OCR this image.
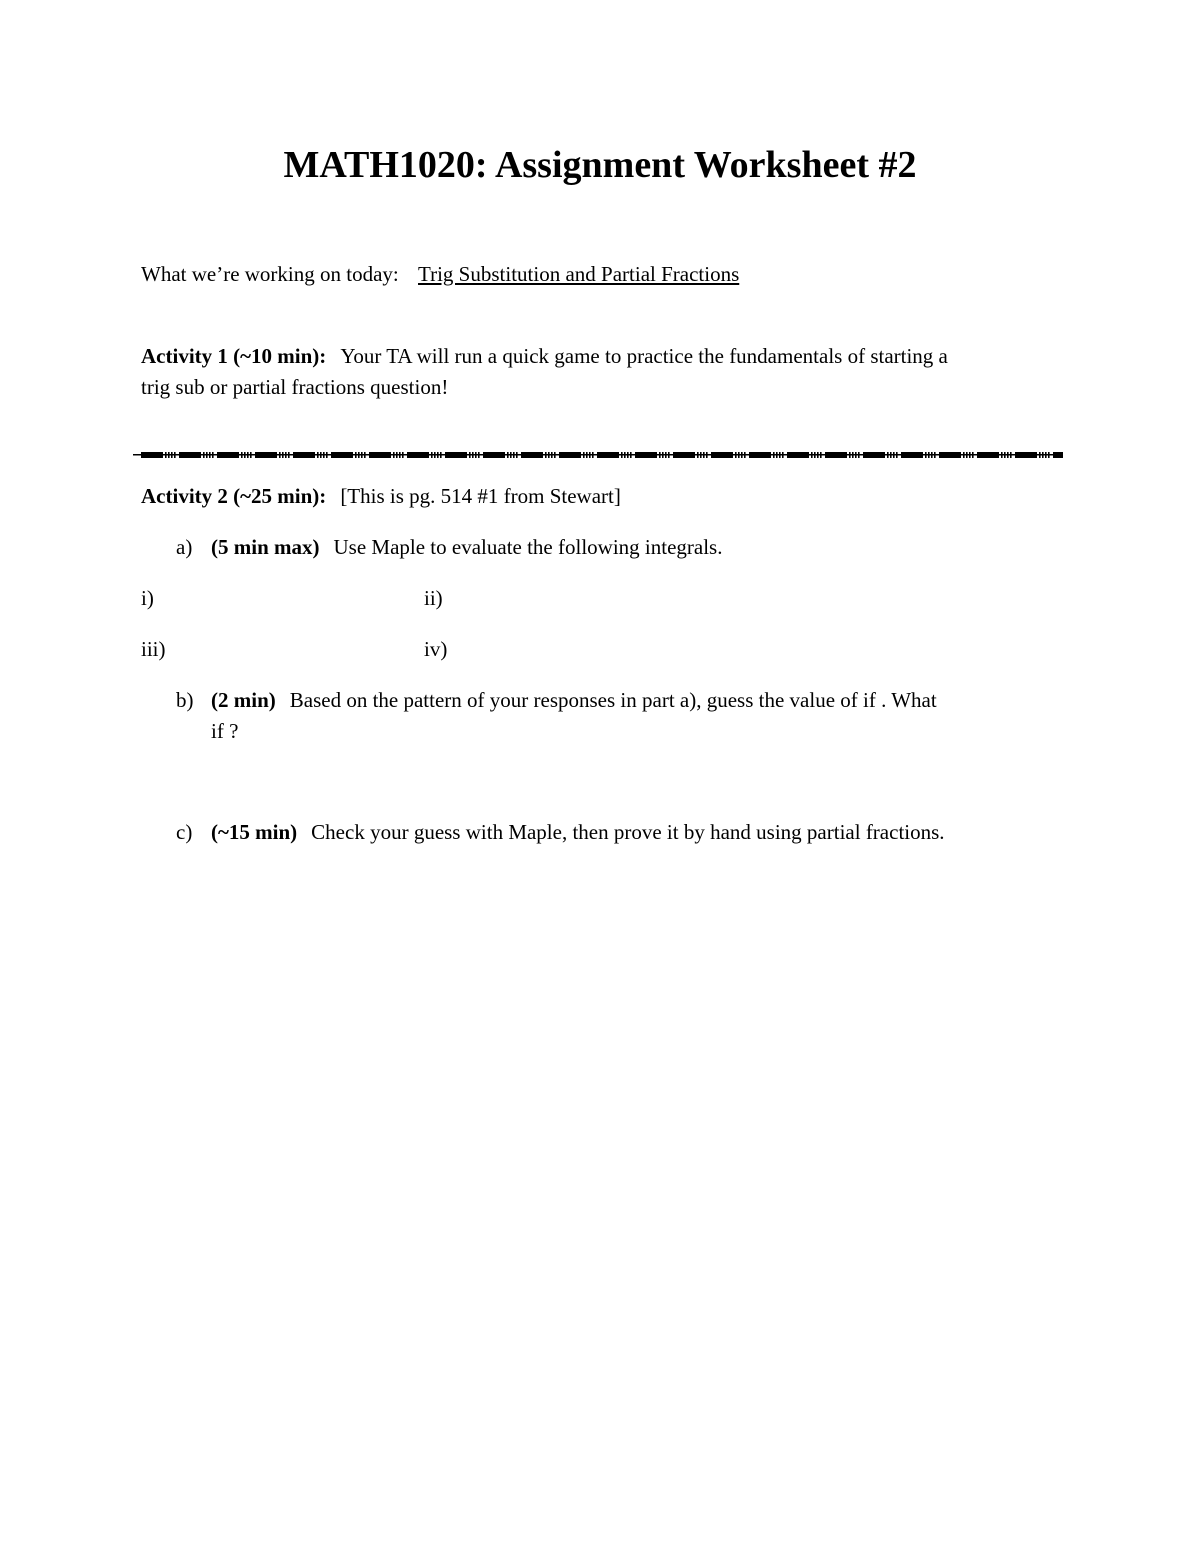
MATH1020: Assignment Worksheet #2
What we’re working on today: Trig Substitution and Partial Fractions
Activity 1 (~10 min): Your TA will run a quick game to practice the fundamentals of starting a
trig sub or partial fractions question!
Activity 2 (~25 min): [This is pg. 514 #1 from Stewart]
a) (5 min max) Use Maple to evaluate the following integrals.
i)	ii)
iii)	iv)
b) (2 min) Based on the pattern of your responses in part a), guess the value of if . What
if ?
c) (~15 min) Check your guess with Maple, then prove it by hand using partial fractions.
